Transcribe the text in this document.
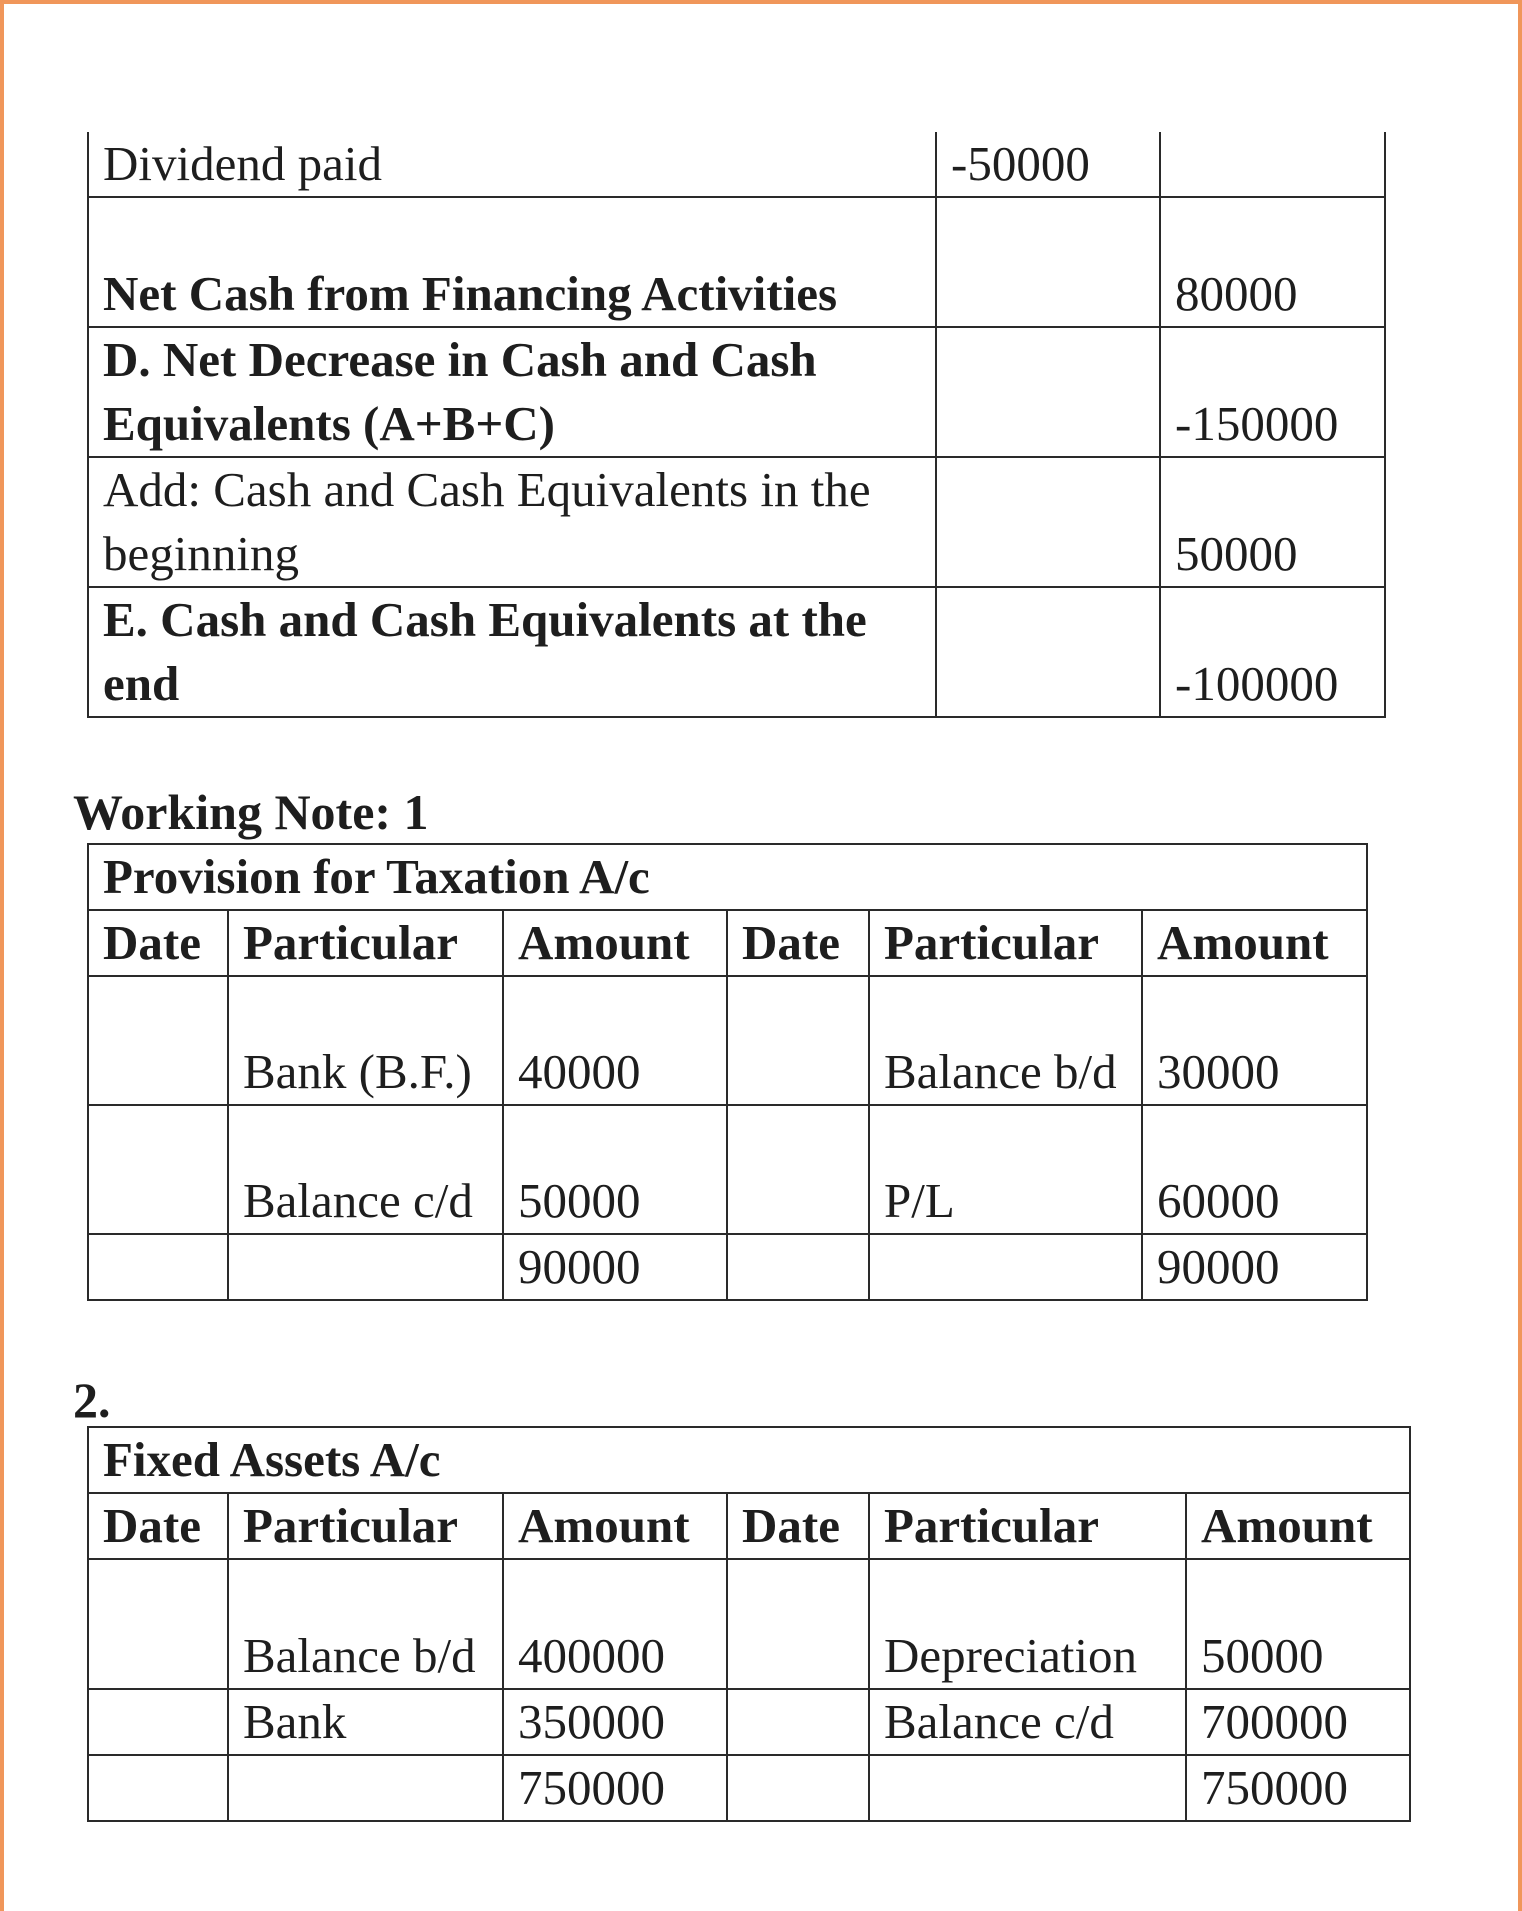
Dividend paid	-50000	
Net Cash from Financing Activities		80000
D. Net Decrease in Cash and Cash Equivalents (A+B+C)		-150000
Add: Cash and Cash Equivalents in the beginning		50000
E. Cash and Cash Equivalents at the end		-100000
Working Note: 1
Provision for Taxation A/c					
Date	Particular	Amount	Date	Particular	Amount
	Bank (B.F.)	40000		Balance b/d	30000
	Balance c/d	50000		P/L	60000
		90000			90000
2.
Fixed Assets A/c					
Date	Particular	Amount	Date	Particular	Amount
	Balance b/d	400000		Depreciation	50000
	Bank	350000		Balance c/d	700000
		750000			750000
